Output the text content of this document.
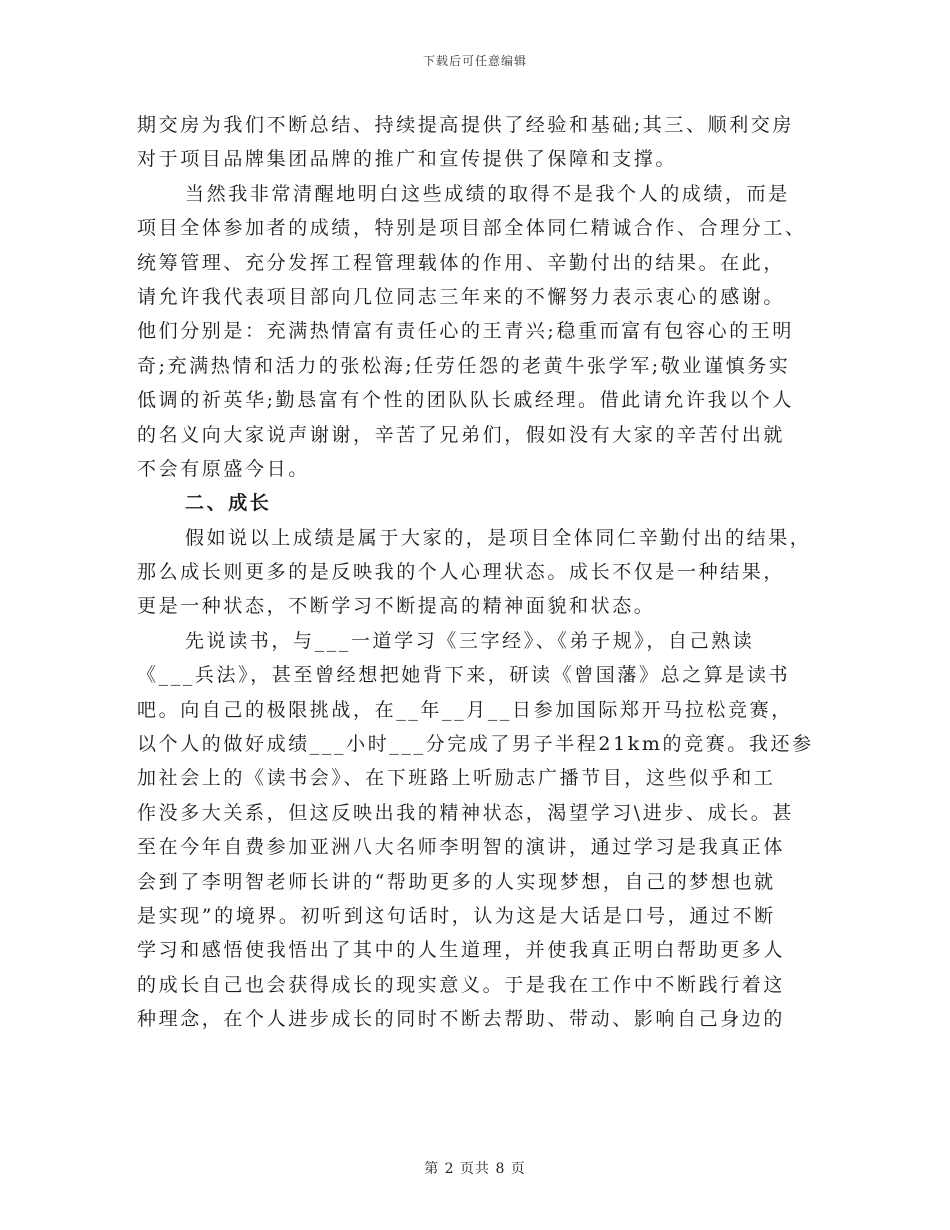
下载后可任意编辑
期交房为我们不断总结、持续提高提供了经验和基础;其三、顺利交房
对于项目品牌集团品牌的推广和宣传提供了保障和支撑。
当然我非常清醒地明白这些成绩的取得不是我个人的成绩，而是
项目全体参加者的成绩，特别是项目部全体同仁精诚合作、合理分工、
统筹管理、充分发挥工程管理载体的作用、辛勤付出的结果。在此，
请允许我代表项目部向几位同志三年来的不懈努力表示衷心的感谢。
他们分别是：充满热情富有责任心的王青兴;稳重而富有包容心的王明
奇;充满热情和活力的张松海;任劳任怨的老黄牛张学军;敬业谨慎务实
低调的祈英华;勤恳富有个性的团队队长戚经理。借此请允许我以个人
的名义向大家说声谢谢，辛苦了兄弟们，假如没有大家的辛苦付出就
不会有原盛今日。
二、成长
假如说以上成绩是属于大家的，是项目全体同仁辛勤付出的结果，
那么成长则更多的是反映我的个人心理状态。成长不仅是一种结果，
更是一种状态，不断学习不断提高的精神面貌和状态。
先说读书，与___一道学习《三字经》、《弟子规》，自己熟读
《___兵法》，甚至曾经想把她背下来，研读《曾国藩》总之算是读书
吧。向自己的极限挑战，在__年__月__日参加国际郑开马拉松竞赛，
以个人的做好成绩___小时___分完成了男子半程21km的竞赛。我还参
加社会上的《读书会》、在下班路上听励志广播节目，这些似乎和工
作没多大关系，但这反映出我的精神状态，渴望学习\进步、成长。甚
至在今年自费参加亚洲八大名师李明智的演讲，通过学习是我真正体
会到了李明智老师长讲的“帮助更多的人实现梦想，自己的梦想也就
是实现”的境界。初听到这句话时，认为这是大话是口号，通过不断
学习和感悟使我悟出了其中的人生道理，并使我真正明白帮助更多人
的成长自己也会获得成长的现实意义。于是我在工作中不断践行着这
种理念，在个人进步成长的同时不断去帮助、带动、影响自己身边的
第 2 页共 8 页
